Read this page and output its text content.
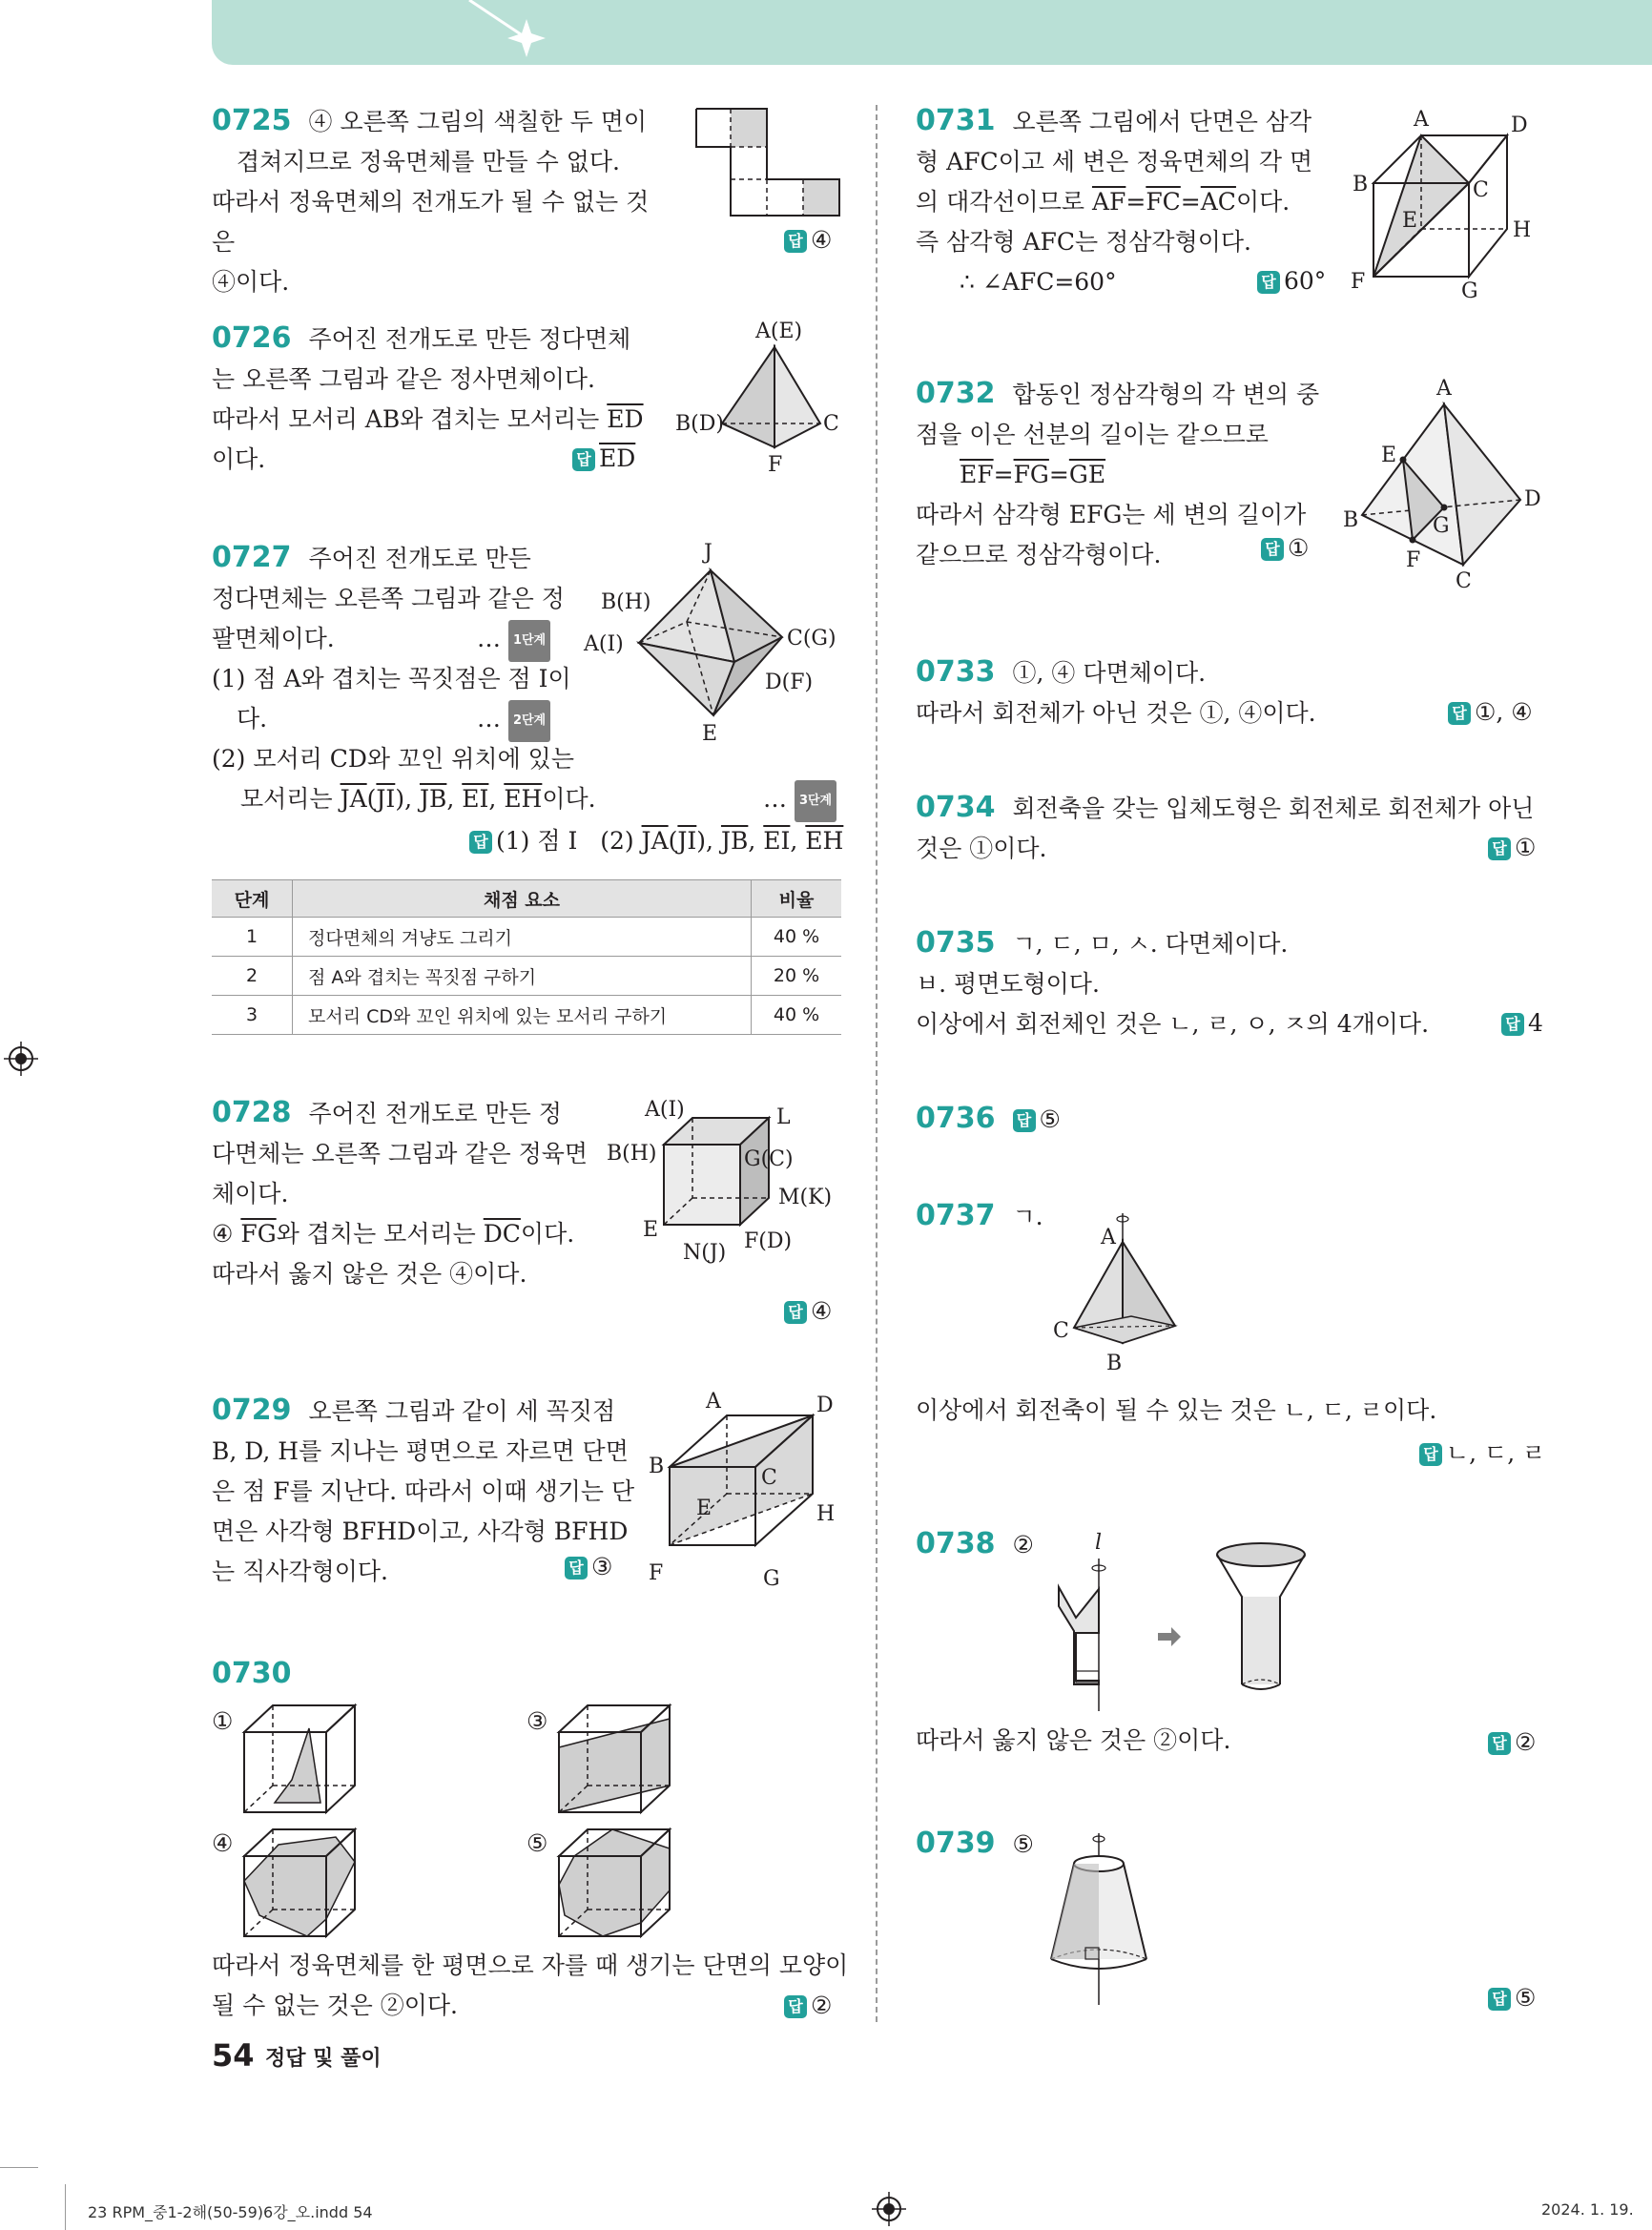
0725 ④ 오른쪽 그림의 색칠한 두 면이
겹쳐지므로 정육면체를 만들 수 없다.
따라서 정육면체의 전개도가 될 수 없는 것은
④이다.
답 ④
0726 주어진 전개도로 만든 정다면체
는 오른쪽 그림과 같은 정사면체이다.
따라서 모서리 AB와 겹치는 모서리는 $\overline{ED}$
이다.	답 $\overline{ED}$
A(E)
B(D)	C
F
0727 주어진 전개도로 만든
정다면체는 오른쪽 그림과 같은 정
팔면체이다.	… 1단계
(1) 점 A와 겹치는 꼭짓점은 점 I이
다.	… 2단계
(2) 모서리 CD와 꼬인 위치에 있는
모서리는 $\overline{JA}(\overline{JI})$, $\overline{JB}$, $\overline{EI}$, $\overline{EH}$이다.	… 3단계
답 (1) 점 I (2) $\overline{JA}(\overline{JI})$, $\overline{JB}$, $\overline{EI}$, $\overline{EH}$
J
B(H)
A(I)	C(G)
D(F)
E
단계	채점 요소	비율
1	정다면체의 겨냥도 그리기	40 %
2	점 A와 겹치는 꼭짓점 구하기	20 %
3	모서리 CD와 꼬인 위치에 있는 모서리 구하기	40 %
0728 주어진 전개도로 만든 정
다면체는 오른쪽 그림과 같은 정육면
체이다.
④ $\overline{FG}$와 겹치는 모서리는 $\overline{DC}$이다.
따라서 옳지 않은 것은 ④이다.
답 ④
A(I)	L
B(H)	G(C)
M(K)
E
N(J) F(D)
0729 오른쪽 그림과 같이 세 꼭짓점
B, D, H를 지나는 평면으로 자르면 단면
은 점 F를 지난다. 따라서 이때 생기는 단
면은 사각형 BFHD이고, 사각형 BFHD
는 직사각형이다.	답 ③
A	D
B	C
E	H
F	G
0730
①	③
④	⑤
따라서 정육면체를 한 평면으로 자를 때 생기는 단면의 모양이
될 수 없는 것은 ②이다.	답 ②
0731 오른쪽 그림에서 단면은 삼각
형 AFC이고 세 변은 정육면체의 각 면
의 대각선이므로 $\overline{AF}=\overline{FC}=\overline{AC}$이다.
즉 삼각형 AFC는 정삼각형이다.
∴ ∠AFC=60°	답 60°
A	D
B	C
E	H
F	G
0732 합동인 정삼각형의 각 변의 중
점을 이은 선분의 길이는 같으므로
$\overline{EF}=\overline{FG}=\overline{GE}$
따라서 삼각형 EFG는 세 변의 길이가
같으므로 정삼각형이다.	답 ①
A
E
B	G
D
F
C
0733 ①, ④ 다면체이다.
따라서 회전체가 아닌 것은 ①, ④이다.	답 ①, ④
0734 회전축을 갖는 입체도형은 회전체로 회전체가 아닌
것은 ①이다.	답 ①
0735 ㄱ, ㄷ, ㅁ, ㅅ. 다면체이다.
ㅂ. 평면도형이다.
이상에서 회전체인 것은 ㄴ, ㄹ, ㅇ, ㅈ의 4개이다.	답 4
0736 답 ⑤
0737 ㄱ.
A
C
B
이상에서 회전축이 될 수 있는 것은 ㄴ, ㄷ, ㄹ이다.
답 ㄴ, ㄷ, ㄹ
0738 ②	l
따라서 옳지 않은 것은 ②이다.	답 ②
0739 ⑤
답 ⑤
54 정답 및 풀이
23 RPM_중1-2해(50-59)6강_오.indd 54	2024. 1. 19.
